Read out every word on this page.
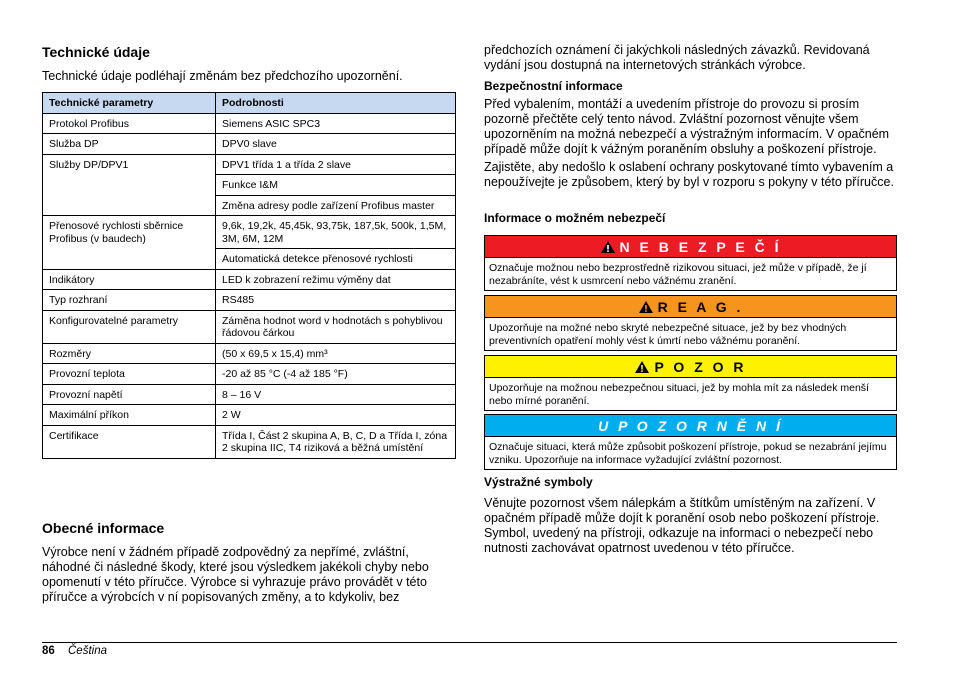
Technické údaje

Technické údaje podléhají změnám bez předchozího upozornění.

Technické parametry	Podrobnosti
Protokol Profibus	Siemens ASIC SPC3
Služba DP	DPV0 slave
Služby DP/DPV1	DPV1 třída 1 a třída 2 slave
	Funkce I&M
	Změna adresy podle zařízení Profibus master
Přenosové rychlosti sběrnice Profibus (v baudech)	9,6k, 19,2k, 45,45k, 93,75k, 187,5k, 500k, 1,5M, 3M, 6M, 12M
	Automatická detekce přenosové rychlosti
Indikátory	LED k zobrazení režimu výměny dat
Typ rozhraní	RS485
Konfigurovatelné parametry	Záměna hodnot word v hodnotách s pohyblivou řádovou čárkou
Rozměry	(50 x 69,5 x 15,4) mm³
Provozní teplota	-20 až 85 °C (-4 až 185 °F)
Provozní napětí	8 – 16 V
Maximální příkon	2 W
Certifikace	Třída I, Část 2 skupina A, B, C, D a Třída I, zóna 2 skupina IIC, T4 riziková a běžná umístění
Obecné informace

Výrobce není v žádném případě zodpovědný za nepřímé, zvláštní, náhodné či následné škody, které jsou výsledkem jakékoli chyby nebo opomenutí v této příručce. Výrobce si vyhrazuje právo provádět v této příručce a výrobcích v ní popisovaných změny, a to kdykoliv, bez

předchozích oznámení či jakýchkoli následných závazků. Revidovaná vydání jsou dostupná na internetových stránkách výrobce.

Bezpečnostní informace

Před vybalením, montáží a uvedením přístroje do provozu si prosím pozorně přečtěte celý tento návod. Zvláštní pozornost věnujte všem upozorněním na možná nebezpečí a výstražným informacím. V opačném případě může dojít k vážným poraněním obsluhy a poškození přístroje.

Zajistěte, aby nedošlo k oslabení ochrany poskytované tímto vybavením a nepoužívejte je způsobem, který by byl v rozporu s pokyny v této příručce.

Informace o možném nebezpečí
N E B E Z P E Č Í
Označuje možnou nebo bezprostředně rizikovou situaci, jež může v případě, že jí nezabráníte, vést k usmrcení nebo vážnému zranění.
R E A G .
Upozorňuje na možné nebo skryté nebezpečné situace, jež by bez vhodných preventivních opatření mohly vést k úmrtí nebo vážnému poranění.
P O Z O R
Upozorňuje na možnou nebezpečnou situaci, jež by mohla mít za následek menší nebo mírné poranění.
U P O Z O R N Ě N Í
Označuje situaci, která může způsobit poškození přístroje, pokud se nezabrání jejímu vzniku. Upozorňuje na informace vyžadující zvláštní pozornost.
Výstražné symboly

Věnujte pozornost všem nálepkám a štítkům umístěným na zařízení. V opačném případě může dojít k poranění osob nebo poškození přístroje. Symbol, uvedený na přístroji, odkazuje na informaci o nebezpečí nebo nutnosti zachovávat opatrnost uvedenou v této příručce.

86 Čeština
